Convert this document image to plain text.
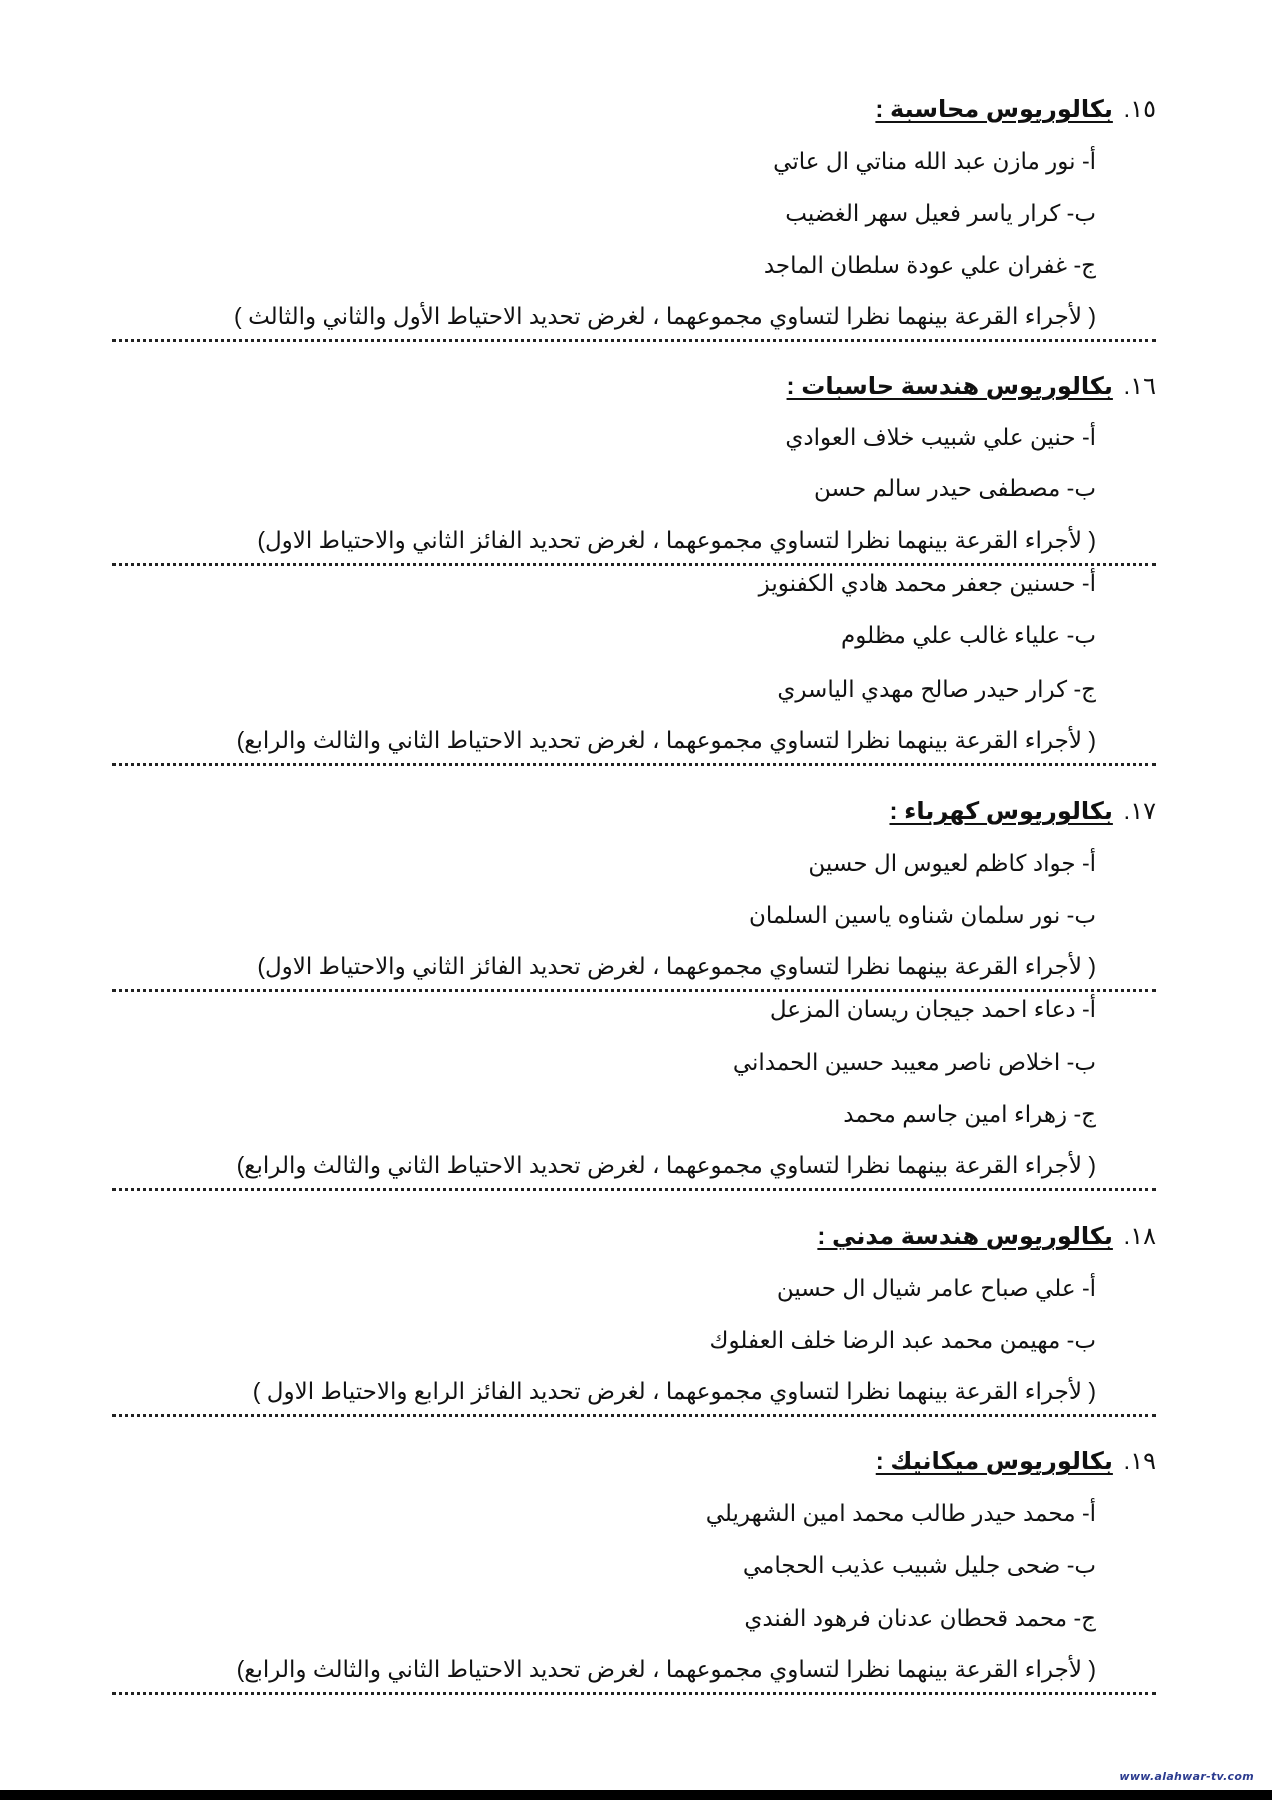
١٥. بكالوريوس محاسبة :
أ- نور مازن عبد الله مناتي ال عاتي
ب- كرار ياسر فعيل سهر الغضيب
ج- غفران علي عودة سلطان الماجد
( لأجراء القرعة بينهما نظرا لتساوي مجموعهما ، لغرض تحديد الاحتياط الأول والثاني والثالث )
١٦. بكالوريوس هندسة حاسبات :
أ- حنين علي شبيب خلاف العوادي
ب- مصطفى حيدر سالم حسن
( لأجراء القرعة بينهما نظرا لتساوي مجموعهما ، لغرض تحديد الفائز الثاني والاحتياط الاول)
أ- حسنين جعفر محمد هادي الكفنويز
ب- علياء غالب علي مظلوم
ج- كرار حيدر صالح مهدي الياسري
( لأجراء القرعة بينهما نظرا لتساوي مجموعهما ، لغرض تحديد الاحتياط الثاني والثالث والرابع)
١٧. بكالوريوس كهرباء :
أ- جواد كاظم لعيوس ال حسين
ب- نور سلمان شناوه ياسين السلمان
( لأجراء القرعة بينهما نظرا لتساوي مجموعهما ، لغرض تحديد الفائز الثاني والاحتياط الاول)
أ- دعاء احمد جيجان ريسان المزعل
ب- اخلاص ناصر معيبد حسين الحمداني
ج- زهراء امين جاسم محمد
( لأجراء القرعة بينهما نظرا لتساوي مجموعهما ، لغرض تحديد الاحتياط الثاني والثالث والرابع)
١٨. بكالوريوس هندسة مدني :
أ- علي صباح عامر شيال ال حسين
ب- مهيمن محمد عبد الرضا خلف العفلوك
( لأجراء القرعة بينهما نظرا لتساوي مجموعهما ، لغرض تحديد الفائز الرابع والاحتياط الاول )
١٩. بكالوريوس ميكانيك :
أ- محمد حيدر طالب محمد امين الشهريلي
ب- ضحى جليل شبيب عذيب الحجامي
ج- محمد قحطان عدنان فرهود الفندي
( لأجراء القرعة بينهما نظرا لتساوي مجموعهما ، لغرض تحديد الاحتياط الثاني والثالث والرابع)
www.alahwar-tv.com
